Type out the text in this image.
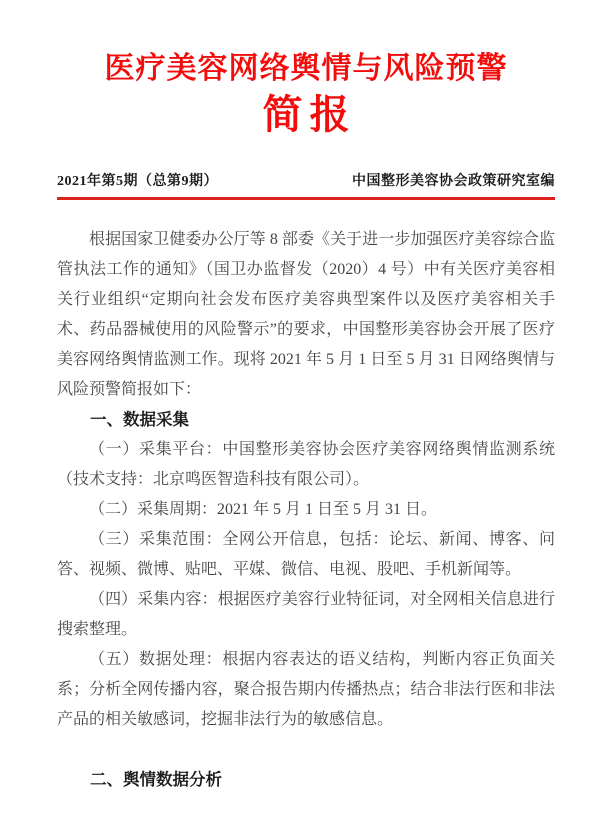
医疗美容网络舆情与风险预警
简报
2021年第5期（总第9期）	中国整形美容协会政策研究室编

根据国家卫健委办公厅等 8 部委《关于进一步加强医疗美容综合监管执法工作的通知》（国卫办监督发（2020）4 号）中有关医疗美容相关行业组织“定期向社会发布医疗美容典型案件以及医疗美容相关手术、药品器械使用的风险警示”的要求，中国整形美容协会开展了医疗美容网络舆情监测工作。现将 2021 年 5 月 1 日至 5 月 31 日网络舆情与风险预警简报如下：

一、数据采集

（一）采集平台：中国整形美容协会医疗美容网络舆情监测系统（技术支持：北京鸣医智造科技有限公司）。

（二）采集周期：2021 年 5 月 1 日至 5 月 31 日。

（三）采集范围：全网公开信息，包括：论坛、新闻、博客、问答、视频、微博、贴吧、平媒、微信、电视、股吧、手机新闻等。

（四）采集内容：根据医疗美容行业特征词，对全网相关信息进行搜索整理。

（五）数据处理：根据内容表达的语义结构，判断内容正负面关系；分析全网传播内容，聚合报告期内传播热点；结合非法行医和非法产品的相关敏感词，挖掘非法行为的敏感信息。

二、舆情数据分析
